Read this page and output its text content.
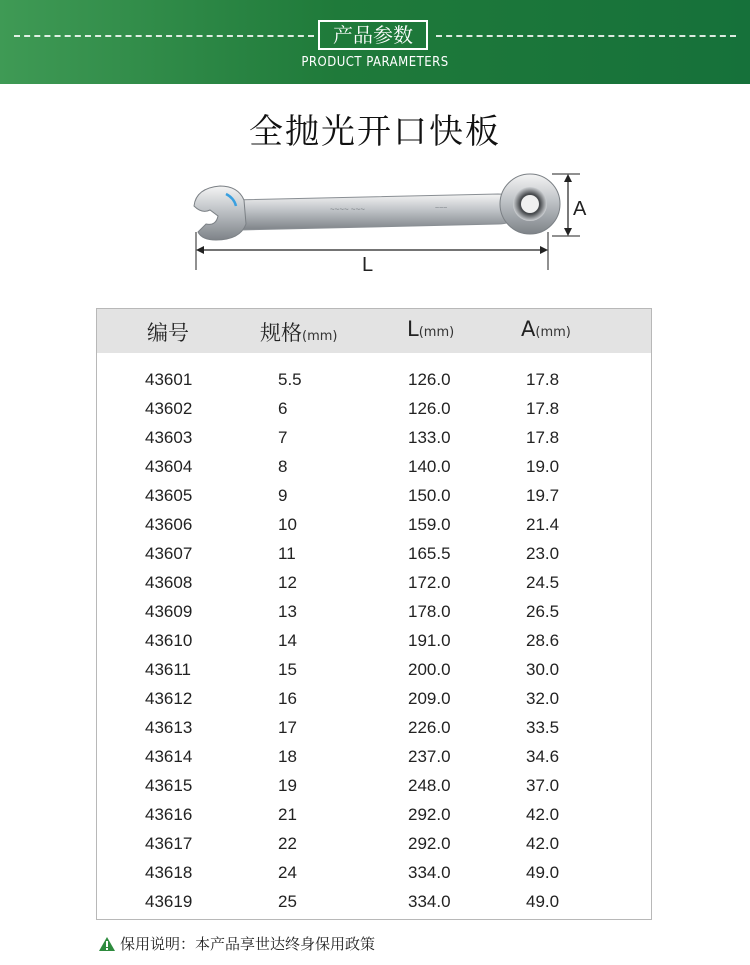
产品参数
PRODUCT PARAMETERS
全抛光开口快板
~~~~ ~~~	~~~
L
A
编号	规格(mm)	L(mm)	A(mm)
43601	5.5	126.0	17.8
43602	6	126.0	17.8
43603	7	133.0	17.8
43604	8	140.0	19.0
43605	9	150.0	19.7
43606	10	159.0	21.4
43607	11	165.5	23.0
43608	12	172.0	24.5
43609	13	178.0	26.5
43610	14	191.0	28.6
43611	15	200.0	30.0
43612	16	209.0	32.0
43613	17	226.0	33.5
43614	18	237.0	34.6
43615	19	248.0	37.0
43616	21	292.0	42.0
43617	22	292.0	42.0
43618	24	334.0	49.0
43619	25	334.0	49.0
保用说明：本产品享世达终身保用政策
